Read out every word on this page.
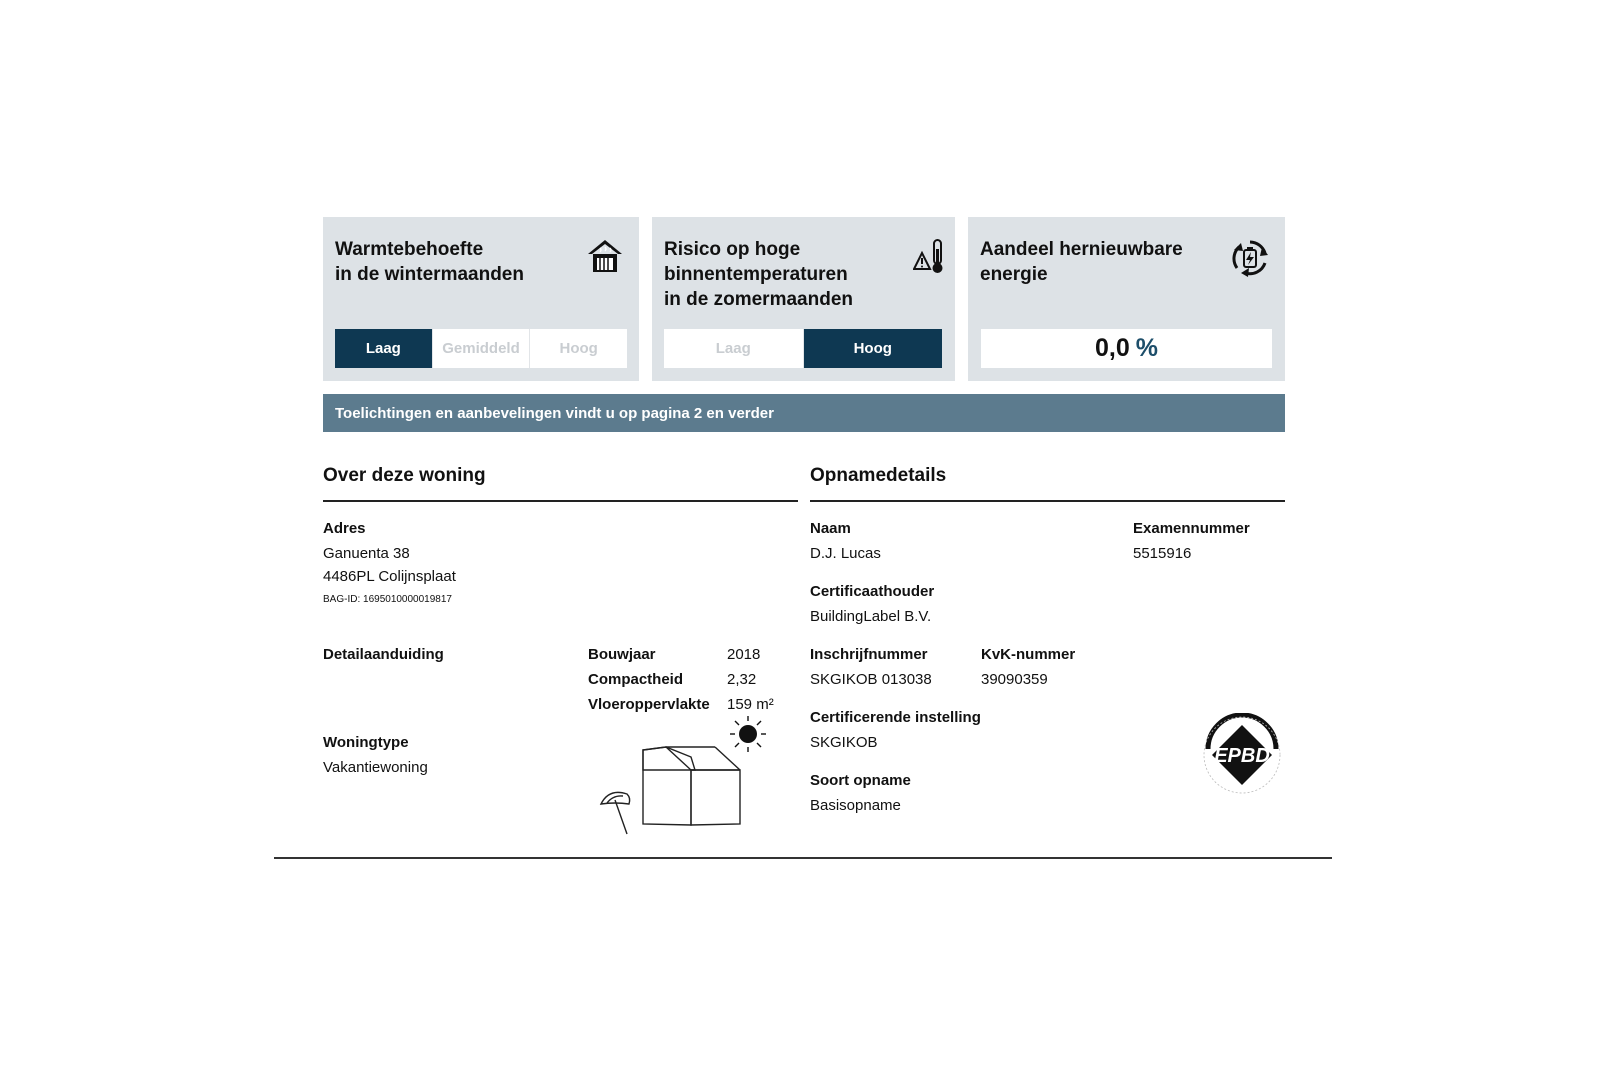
Warmtebehoefte
in de wintermaanden
Laag	Gemiddeld	Hoog
Risico op hoge
binnentemperaturen
in de zomermaanden
Laag	Hoog
Aandeel hernieuwbare
energie
0,0 %
Toelichtingen en aanbevelingen vindt u op pagina 2 en verder
Over deze woning
Adres
Ganuenta 38
4486PL Colijnsplaat
BAG-ID: 1695010000019817
Detailaanduiding	Bouwjaar	2018
Compactheid	2,32
Vloeroppervlakte 159 m²
Woningtype
Vakantiewoning
Opnamedetails
Naam
D.J. Lucas
Examennummer
5515916
Certificaathouder
BuildingLabel B.V.
Inschrijfnummer
SKGIKOB 013038
KvK-nummer
39090359
Certificerende instelling
SKGIKOB
Soort opname
Basisopname
EPBD
